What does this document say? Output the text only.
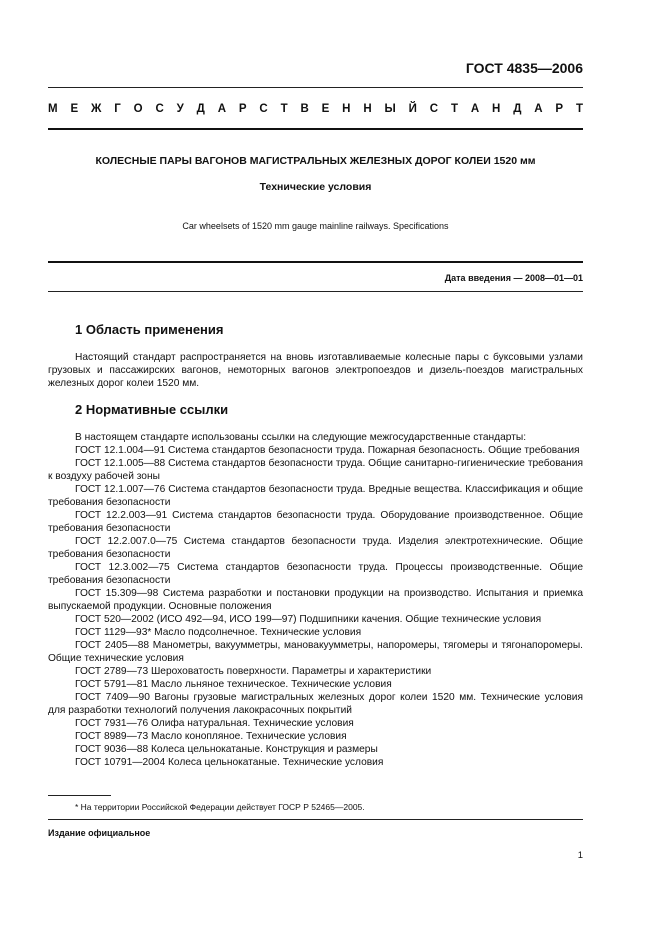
ГОСТ 4835—2006
М Е Ж Г О С У Д А Р С Т В Е Н Н Ы Й С Т А Н Д А Р Т
КОЛЕСНЫЕ ПАРЫ ВАГОНОВ МАГИСТРАЛЬНЫХ ЖЕЛЕЗНЫХ ДОРОГ КОЛЕИ 1520 мм
Технические условия
Car wheelsets of 1520 mm gauge mainline railways. Specifications
Дата введения — 2008—01—01
1 Область применения
Настоящий стандарт распространяется на вновь изготавливаемые колесные пары с буксовыми узлами грузовых и пассажирских вагонов, немоторных вагонов электропоездов и дизель-поездов магистральных железных дорог колеи 1520 мм.
2 Нормативные ссылки
В настоящем стандарте использованы ссылки на следующие межгосударственные стандарты:
ГОСТ 12.1.004—91 Система стандартов безопасности труда. Пожарная безопасность. Общие требования
ГОСТ 12.1.005—88 Система стандартов безопасности труда. Общие санитарно-гигиенические требования к воздуху рабочей зоны
ГОСТ 12.1.007—76 Система стандартов безопасности труда. Вредные вещества. Классификация и общие требования безопасности
ГОСТ 12.2.003—91 Система стандартов безопасности труда. Оборудование производственное. Общие требования безопасности
ГОСТ 12.2.007.0—75 Система стандартов безопасности труда. Изделия электротехнические. Общие требования безопасности
ГОСТ 12.3.002—75 Система стандартов безопасности труда. Процессы производственные. Общие требования безопасности
ГОСТ 15.309—98 Система разработки и постановки продукции на производство. Испытания и приемка выпускаемой продукции. Основные положения
ГОСТ 520—2002 (ИСО 492—94, ИСО 199—97) Подшипники качения. Общие технические условия
ГОСТ 1129—93* Масло подсолнечное. Технические условия
ГОСТ 2405—88 Манометры, вакуумметры, мановакуумметры, напоромеры, тягомеры и тягонапоромеры. Общие технические условия
ГОСТ 2789—73 Шероховатость поверхности. Параметры и характеристики
ГОСТ 5791—81 Масло льняное техническое. Технические условия
ГОСТ 7409—90 Вагоны грузовые магистральных железных дорог колеи 1520 мм. Технические условия для разработки технологий получения лакокрасочных покрытий
ГОСТ 7931—76 Олифа натуральная. Технические условия
ГОСТ 8989—73 Масло конопляное. Технические условия
ГОСТ 9036—88 Колеса цельнокатаные. Конструкция и размеры
ГОСТ 10791—2004 Колеса цельнокатаные. Технические условия
* На территории Российской Федерации действует ГОСР Р 52465—2005.
Издание официальное
1
